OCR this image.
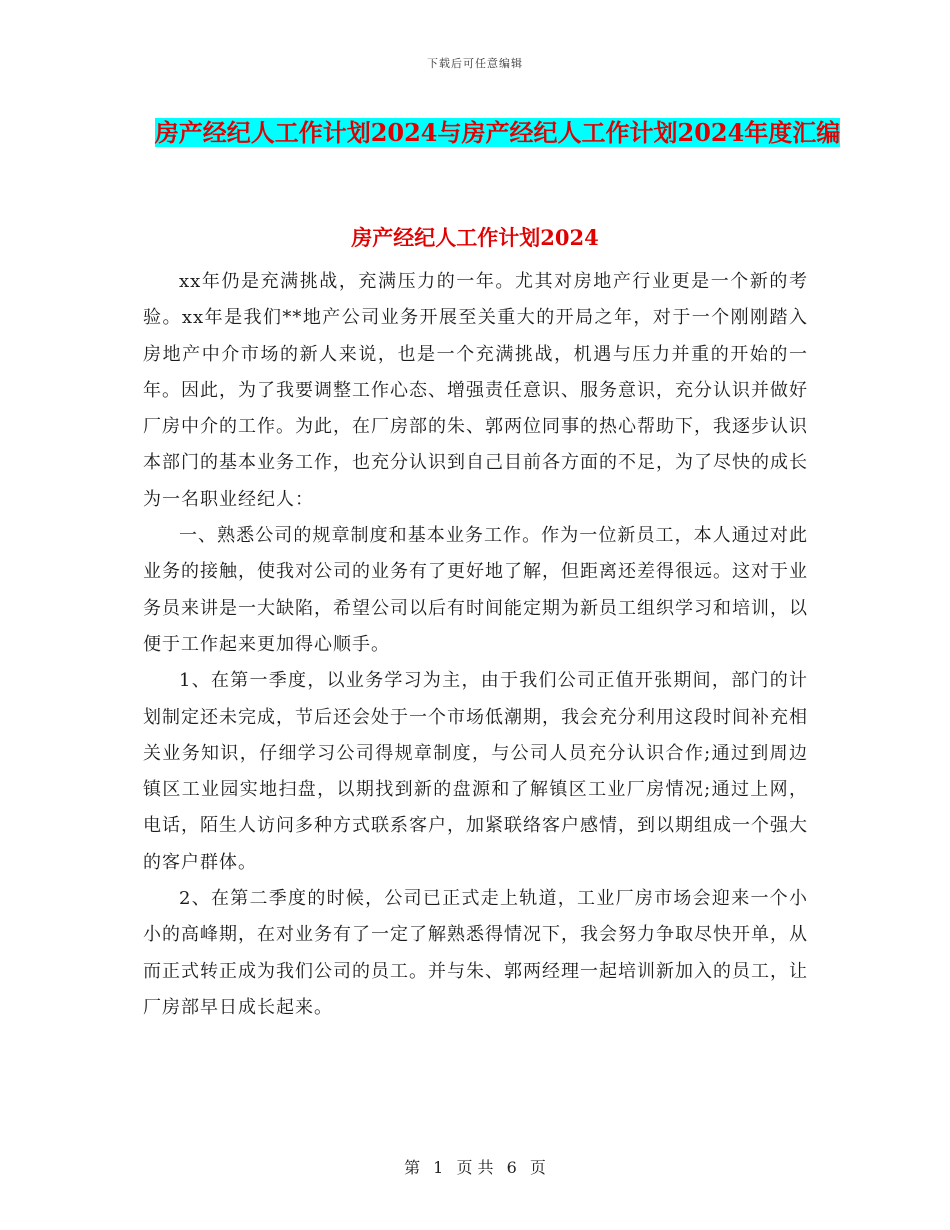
下载后可任意编辑
房产经纪人工作计划2024与房产经纪人工作计划2024年度汇编
房产经纪人工作计划2024

xx年仍是充满挑战，充满压力的一年。尤其对房地产行业更是一个新的考验。xx年是我们**地产公司业务开展至关重大的开局之年，对于一个刚刚踏入房地产中介市场的新人来说，也是一个充满挑战，机遇与压力并重的开始的一年。因此，为了我要调整工作心态、增强责任意识、服务意识，充分认识并做好厂房中介的工作。为此，在厂房部的朱、郭两位同事的热心帮助下，我逐步认识本部门的基本业务工作，也充分认识到自己目前各方面的不足，为了尽快的成长为一名职业经纪人：

一、熟悉公司的规章制度和基本业务工作。作为一位新员工，本人通过对此业务的接触，使我对公司的业务有了更好地了解，但距离还差得很远。这对于业务员来讲是一大缺陷，希望公司以后有时间能定期为新员工组织学习和培训，以便于工作起来更加得心顺手。

1、在第一季度，以业务学习为主，由于我们公司正值开张期间，部门的计划制定还未完成，节后还会处于一个市场低潮期，我会充分利用这段时间补充相关业务知识，仔细学习公司得规章制度，与公司人员充分认识合作;通过到周边镇区工业园实地扫盘，以期找到新的盘源和了解镇区工业厂房情况;通过上网，电话，陌生人访问多种方式联系客户，加紧联络客户感情，到以期组成一个强大的客户群体。

2、在第二季度的时候，公司已正式走上轨道，工业厂房市场会迎来一个小小的高峰期，在对业务有了一定了解熟悉得情况下，我会努力争取尽快开单，从而正式转正成为我们公司的员工。并与朱、郭两经理一起培训新加入的员工，让厂房部早日成长起来。

第 1 页 共 6 页
